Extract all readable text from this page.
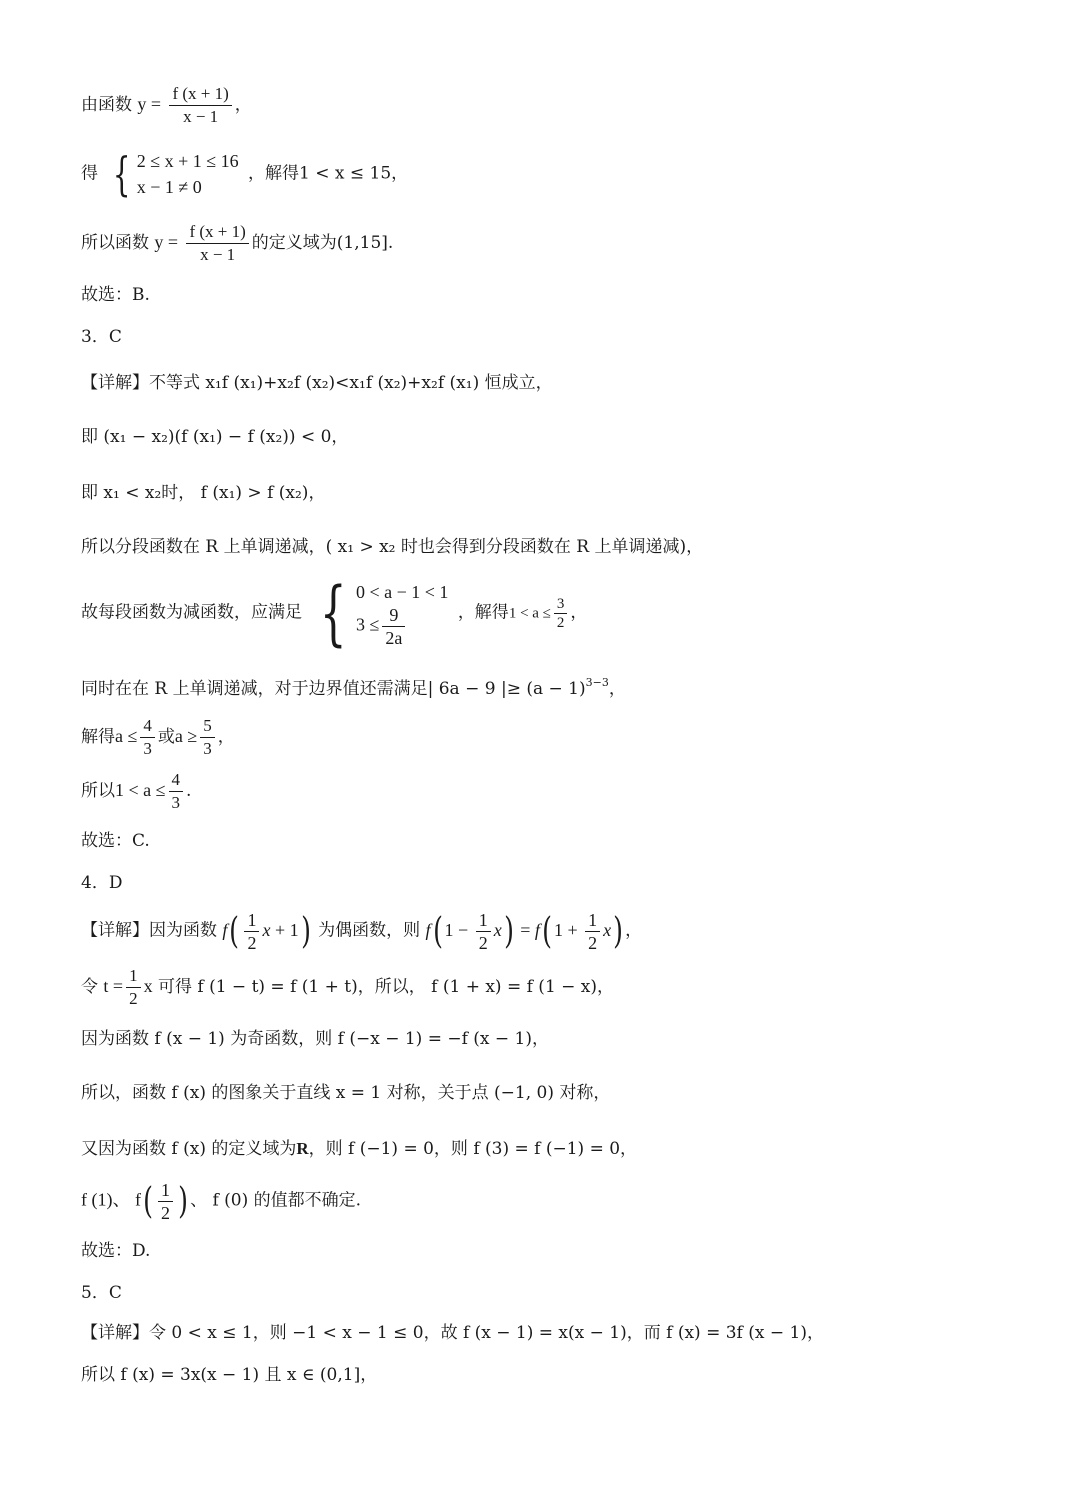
由函数 $y = \frac{f (x + 1)}{x - 1}$ ，
得 { 2 ≤ x + 1 ≤ 16
x − 1 ≠ 0
，解得1 < x ≤ 15，
所以函数 $y = \frac{f (x + 1)}{x - 1}$ 的定义域为(1,15].
故选：B.
3．C
【详解】不等式 x₁f (x₁)+x₂f (x₂)<x₁f (x₂)+x₂f (x₁) 恒成立，
即 (x₁ − x₂)(f (x₁) − f (x₂)) < 0，
即 x₁ < x₂时， f (x₁) > f (x₂)，
所以分段函数在 R 上单调递减，( x₁ > x₂ 时也会得到分段函数在 R 上单调递减)，
故每段函数为减函数，应满足 { 0 < a − 1 < 1
$3 \le \frac{9}{2a}$	，解得$1 < a \le \frac{3}{2}$ ，
同时在在 R 上单调递减，对于边界值还需满足| 6a − 9 |≥ $(a - 1)^{3-3}$，
解得$a \le \frac{4}{3}$ 或$a \ge \frac{5}{3}$ ，
所以$1 < a \le \frac{4}{3}$ .
故选：C.
4．D
【详解】因为函数 $f( \frac{1}{2}$ x + 1) 为偶函数，则 f( $1 - \frac{1}{2} x) = f$( $1 + \frac{1}{2} x$) ，
令 $t = \frac{1}{2}$ x 可得 f (1 − t) = f (1 + t)，所以， f (1 + x) = f (1 − x)，
因为函数 f (x − 1) 为奇函数，则 f (−x − 1) = −f (x − 1)，
所以，函数 f (x) 的图象关于直线 x = 1 对称，关于点 (−1, 0) 对称，
又因为函数 f (x) 的定义域为R，则 f (−1) = 0，则 f (3) = f (−1) = 0，
f (1)、 $f( \frac{1}{2}$ ) 、 f (0) 的值都不确定.
故选：D.
5．C
【详解】令 0 < x ≤ 1，则 −1 < x − 1 ≤ 0，故 f (x − 1) = x(x − 1)，而 f (x) = 3f (x − 1)，
所以 f (x) = 3x(x − 1) 且 x ∈ (0,1]，
